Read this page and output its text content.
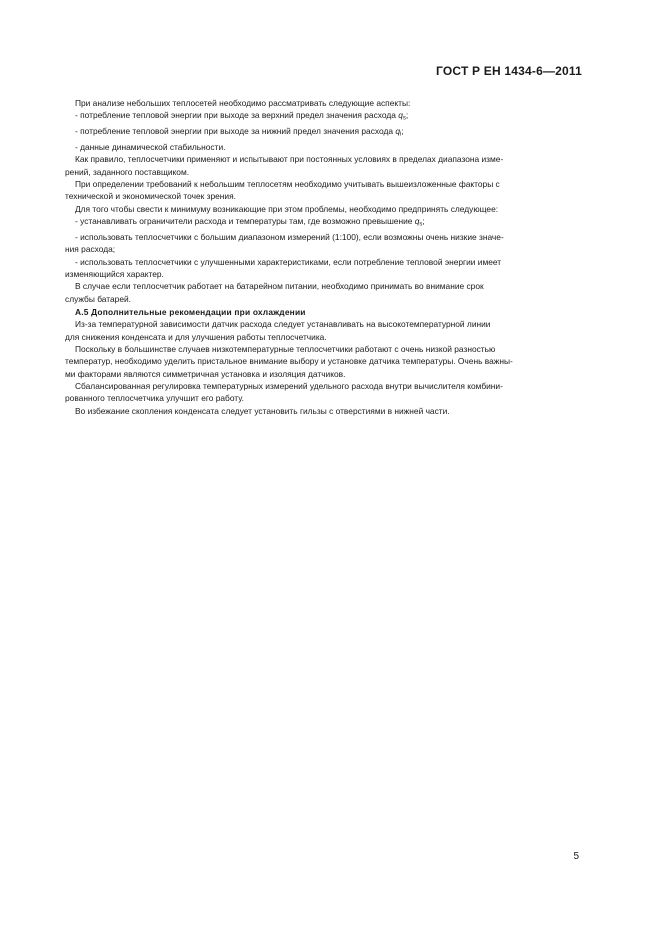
ГОСТ Р ЕН 1434-6—2011

При анализе небольших теплосетей необходимо рассматривать следующие аспекты:

- потребление тепловой энергии при выходе за верхний предел значения расхода $q_s$;

- потребление тепловой энергии при выходе за нижний предел значения расхода $q_i$;

- данные динамической стабильности.

Как правило, теплосчетчики применяют и испытывают при постоянных условиях в пределах диапазона изме-

рений, заданного поставщиком.

При определении требований к небольшим теплосетям необходимо учитывать вышеизложенные факторы с

технической и экономической точек зрения.

Для того чтобы свести к минимуму возникающие при этом проблемы, необходимо предпринять следующее:

- устанавливать ограничители расхода и температуры там, где возможно превышение $q_s$;

- использовать теплосчетчики с большим диапазоном измерений (1:100), если возможны очень низкие значе-

ния расхода;

- использовать теплосчетчики с улучшенными характеристиками, если потребление тепловой энергии имеет

изменяющийся характер.

В случае если теплосчетчик работает на батарейном питании, необходимо принимать во внимание срок

службы батарей.

А.5 Дополнительные рекомендации при охлаждении

Из-за температурной зависимости датчик расхода следует устанавливать на высокотемпературной линии

для снижения конденсата и для улучшения работы теплосчетчика.

Поскольку в большинстве случаев низкотемпературные теплосчетчики работают с очень низкой разностью

температур, необходимо уделить пристальное внимание выбору и установке датчика температуры. Очень важны-

ми факторами являются симметричная установка и изоляция датчиков.

Сбалансированная регулировка температурных измерений удельного расхода внутри вычислителя комбини-

рованного теплосчетчика улучшит его работу.

Во избежание скопления конденсата следует установить гильзы с отверстиями в нижней части.

5
